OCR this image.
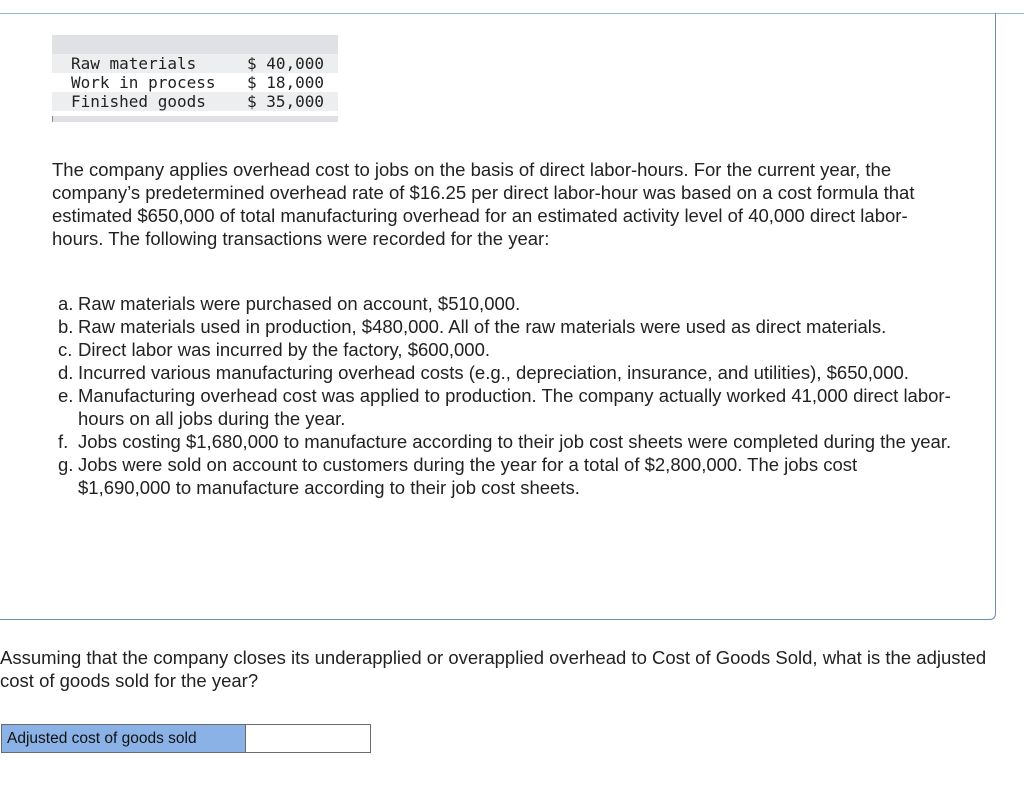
Raw materials	$ 40,000
Work in process	$ 18,000
Finished goods	$ 35,000
The company applies overhead cost to jobs on the basis of direct labor-hours. For the current year, the company’s predetermined overhead rate of $16.25 per direct labor-hour was based on a cost formula that estimated $650,000 of total manufacturing overhead for an estimated activity level of 40,000 direct labor-hours. The following transactions were recorded for the year:
a. Raw materials were purchased on account, $510,000.
b. Raw materials used in production, $480,000. All of the raw materials were used as direct materials.
c. Direct labor was incurred by the factory, $600,000.
d. Incurred various manufacturing overhead costs (e.g., depreciation, insurance, and utilities), $650,000.
e. Manufacturing overhead cost was applied to production. The company actually worked 41,000 direct labor-hours on all jobs during the year.
f. Jobs costing $1,680,000 to manufacture according to their job cost sheets were completed during the year.
g. Jobs were sold on account to customers during the year for a total of $2,800,000. The jobs cost $1,690,000 to manufacture according to their job cost sheets.
Assuming that the company closes its underapplied or overapplied overhead to Cost of Goods Sold, what is the adjusted cost of goods sold for the year?
Adjusted cost of goods sold
